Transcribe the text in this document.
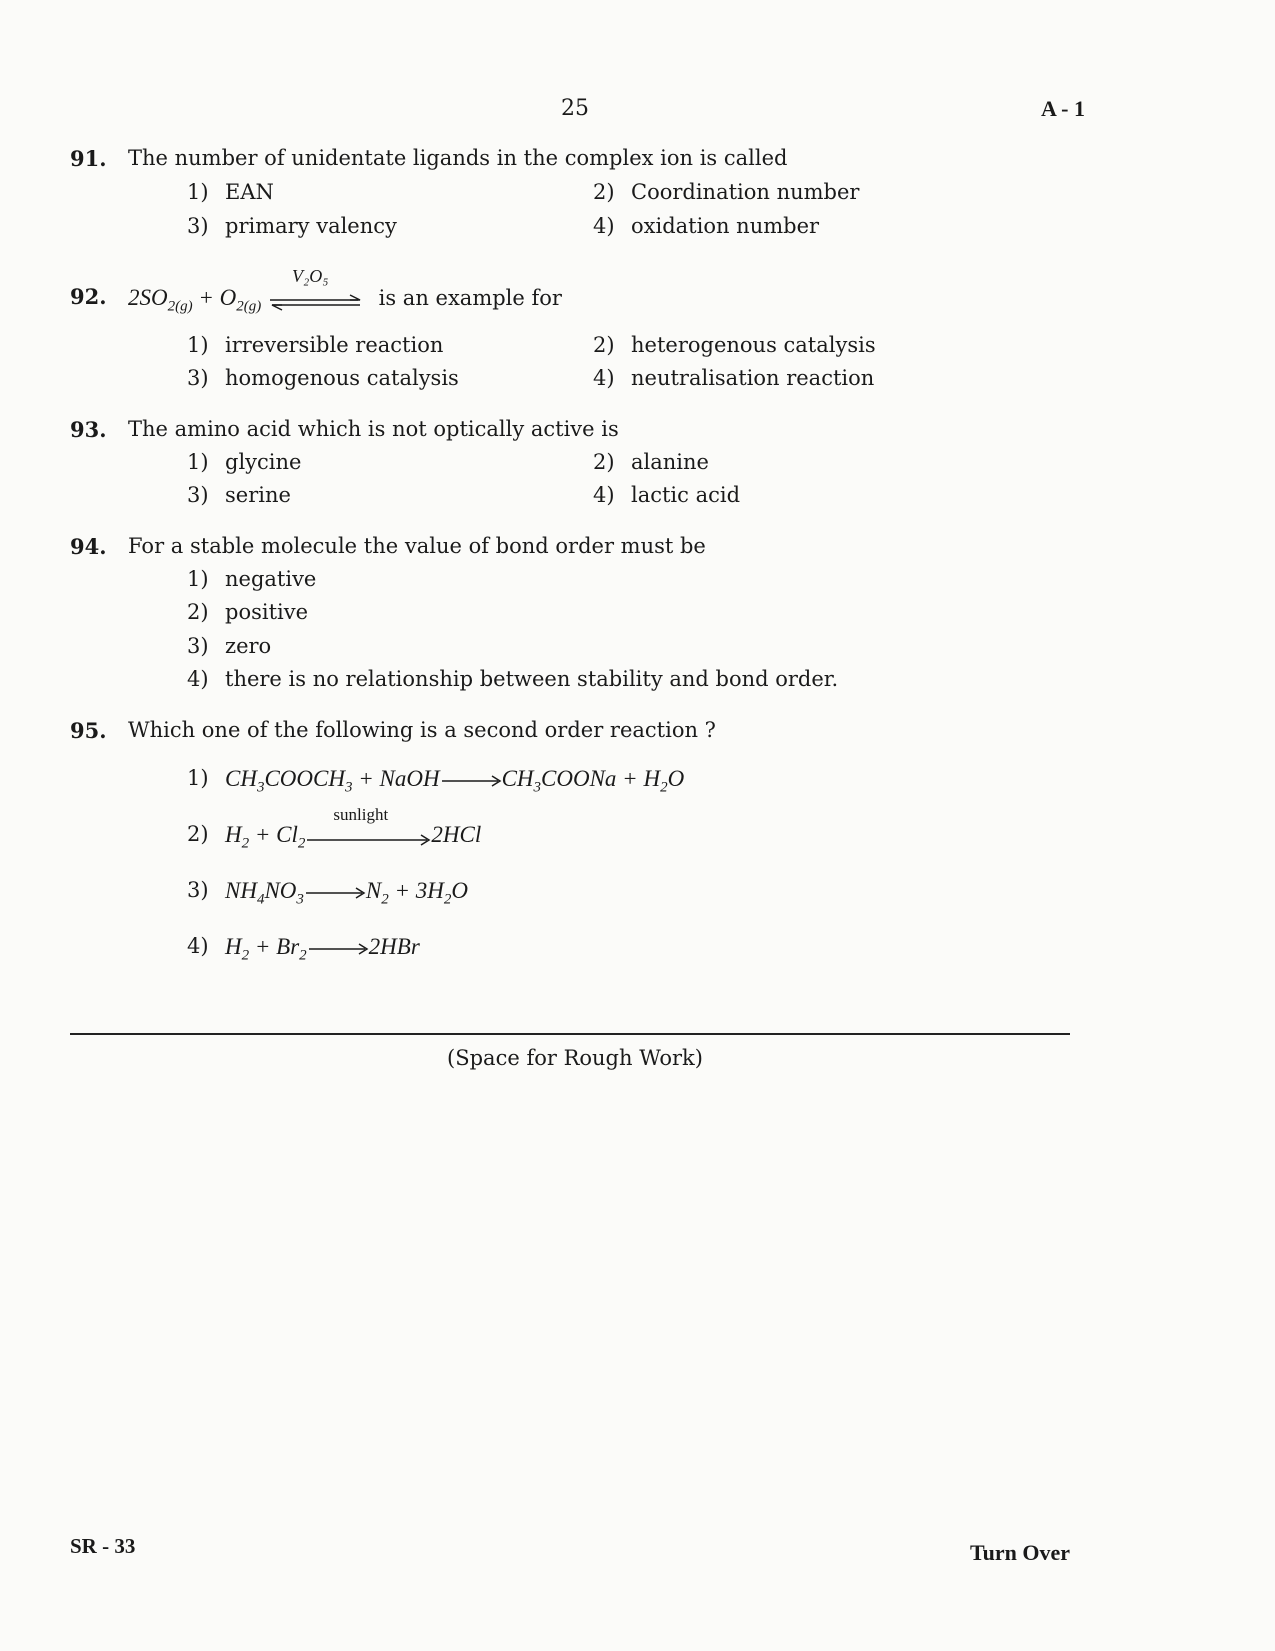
25	A - 1
91. The number of unidentate ligands in the complex ion is called
1) EAN	2) Coordination number
3) primary valency	4) oxidation number
92. $2SO_{2(g)} + O_{2(g)}$
V₂O₅
is an example for
1) irreversible reaction	2) heterogenous catalysis
3) homogenous catalysis	4) neutralisation reaction
93. The amino acid which is not optically active is
1) glycine	2) alanine
3) serine	4) lactic acid
94. For a stable molecule the value of bond order must be
1) negative
2) positive
3) zero
4) there is no relationship between stability and bond order.
95. Which one of the following is a second order reaction ?
1) $CH_3COOCH_3$ + $NaOH\to CH_3COONa + H_2O$
2) $H_2 + Cl_2$
sunlight
2HCl
3) $NH_4NO_3\to N_2 + 3H_2O$
4) $H_2 + Br_2\to 2HBr$
(Space for Rough Work)
SR - 33	Turn Over
